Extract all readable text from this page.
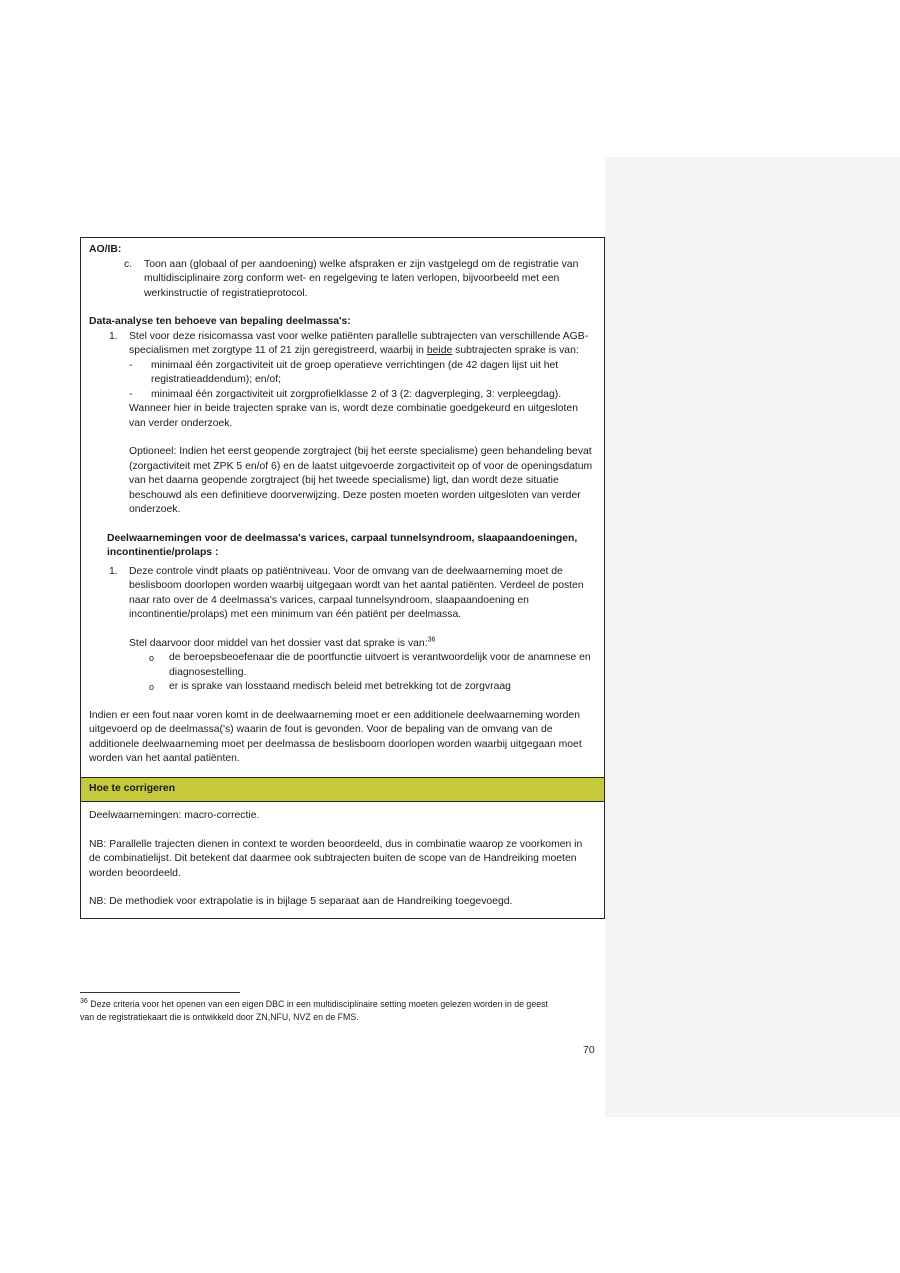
AO/IB:
c.	Toon aan (globaal of per aandoening) welke afspraken er zijn vastgelegd om de registratie van multidisciplinaire zorg conform wet- en regelgeving te laten verlopen, bijvoorbeeld met een werkinstructie of registratieprotocol.
Data-analyse ten behoeve van bepaling deelmassa's:
1.	Stel voor deze risicomassa vast voor welke patiënten parallelle subtrajecten van verschillende AGB-specialismen met zorgtype 11 of 21 zijn geregistreerd, waarbij in beide subtrajecten sprake is van:
-	minimaal één zorgactiviteit uit de groep operatieve verrichtingen (de 42 dagen lijst uit het registratieaddendum); en/of;
-	minimaal één zorgactiviteit uit zorgprofielklasse 2 of 3 (2: dagverpleging, 3: verpleegdag).
Wanneer hier in beide trajecten sprake van is, wordt deze combinatie goedgekeurd en uitgesloten van verder onderzoek.
Optioneel: Indien het eerst geopende zorgtraject (bij het eerste specialisme) geen behandeling bevat (zorgactiviteit met ZPK 5 en/of 6) en de laatst uitgevoerde zorgactiviteit op of voor de openingsdatum van het daarna geopende zorgtraject (bij het tweede specialisme) ligt, dan wordt deze situatie beschouwd als een definitieve doorverwijzing. Deze posten moeten worden uitgesloten van verder onderzoek.
Deelwaarnemingen voor de deelmassa's varices, carpaal tunnelsyndroom, slaapaandoeningen, incontinentie/prolaps :
1.	Deze controle vindt plaats op patiëntniveau. Voor de omvang van de deelwaarneming moet de beslisboom doorlopen worden waarbij uitgegaan wordt van het aantal patiënten. Verdeel de posten naar rato over de 4 deelmassa's varices, carpaal tunnelsyndroom, slaapaandoening en incontinentie/prolaps) met een minimum van één patiënt per deelmassa.
Stel daarvoor door middel van het dossier vast dat sprake is van:$^{36}$
o	de beroepsbeoefenaar die de poortfunctie uitvoert is verantwoordelijk voor de anamnese en diagnosestelling.
o	er is sprake van losstaand medisch beleid met betrekking tot de zorgvraag
Indien er een fout naar voren komt in de deelwaarneming moet er een additionele deelwaarneming worden uitgevoerd op de deelmassa('s) waarin de fout is gevonden. Voor de bepaling van de omvang van de additionele deelwaarneming moet per deelmassa de beslisboom doorlopen worden waarbij uitgegaan moet worden van het aantal patiënten.
Hoe te corrigeren
Deelwaarnemingen: macro-correctie.
NB: Parallelle trajecten dienen in context te worden beoordeeld, dus in combinatie waarop ze voorkomen in de combinatielijst. Dit betekent dat daarmee ook subtrajecten buiten de scope van de Handreiking moeten worden beoordeeld.
NB: De methodiek voor extrapolatie is in bijlage 5 separaat aan de Handreiking toegevoegd.
$^{36}$ Deze criteria voor het openen van een eigen DBC in een multidisciplinaire setting moeten gelezen worden in de geest van de registratiekaart die is ontwikkeld door ZN,NFU, NVZ en de FMS.
70
